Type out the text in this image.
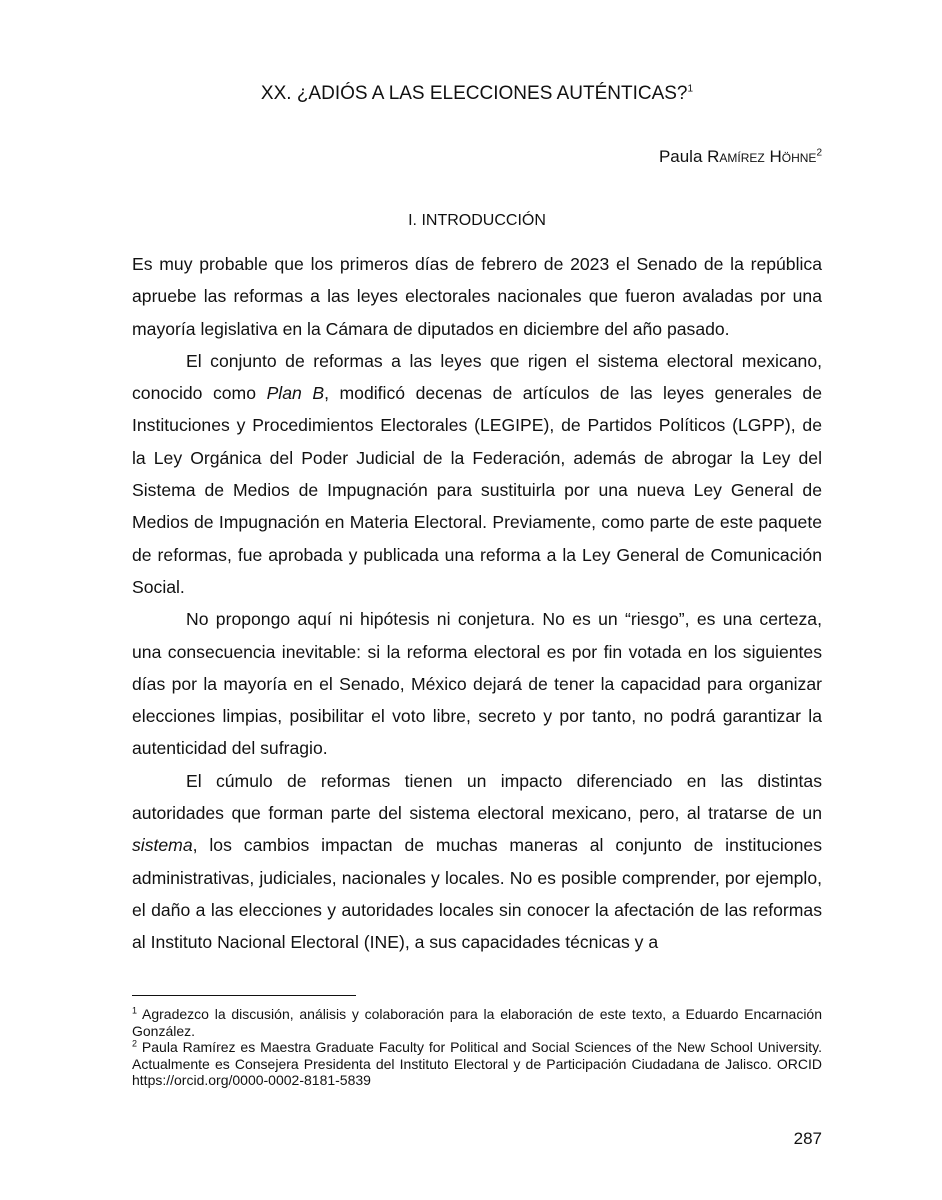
XX. ¿ADIÓS A LAS ELECCIONES AUTÉNTICAS?$^1$
Paula Ramírez Höhne$^2$
I. INTRODUCCIÓN

Es muy probable que los primeros días de febrero de 2023 el Senado de la república apruebe las reformas a las leyes electorales nacionales que fueron avaladas por una mayoría legislativa en la Cámara de diputados en diciembre del año pasado.

El conjunto de reformas a las leyes que rigen el sistema electoral mexicano, conocido como Plan B, modificó decenas de artículos de las leyes generales de Instituciones y Procedimientos Electorales (LEGIPE), de Partidos Políticos (LGPP), de la Ley Orgánica del Poder Judicial de la Federación, además de abrogar la Ley del Sistema de Medios de Impugnación para sustituirla por una nueva Ley General de Medios de Impugnación en Materia Electoral. Previamente, como parte de este paquete de reformas, fue aprobada y publicada una reforma a la Ley General de Comunicación Social.

No propongo aquí ni hipótesis ni conjetura. No es un “riesgo”, es una certeza, una consecuencia inevitable: si la reforma electoral es por fin votada en los siguientes días por la mayoría en el Senado, México dejará de tener la capacidad para organizar elecciones limpias, posibilitar el voto libre, secreto y por tanto, no podrá garantizar la autenticidad del sufragio.

El cúmulo de reformas tienen un impacto diferenciado en las distintas autoridades que forman parte del sistema electoral mexicano, pero, al tratarse de un sistema, los cambios impactan de muchas maneras al conjunto de instituciones administrativas, judiciales, nacionales y locales. No es posible comprender, por ejemplo, el daño a las elecciones y autoridades locales sin conocer la afectación de las reformas al Instituto Nacional Electoral (INE), a sus capacidades técnicas y a

$^1$ Agradezco la discusión, análisis y colaboración para la elaboración de este texto, a Eduardo Encarnación González.

$^2$ Paula Ramírez es Maestra Graduate Faculty for Political and Social Sciences of the New School University. Actualmente es Consejera Presidenta del Instituto Electoral y de Participación Ciudadana de Jalisco. ORCID https://orcid.org/0000-0002-8181-5839

287
